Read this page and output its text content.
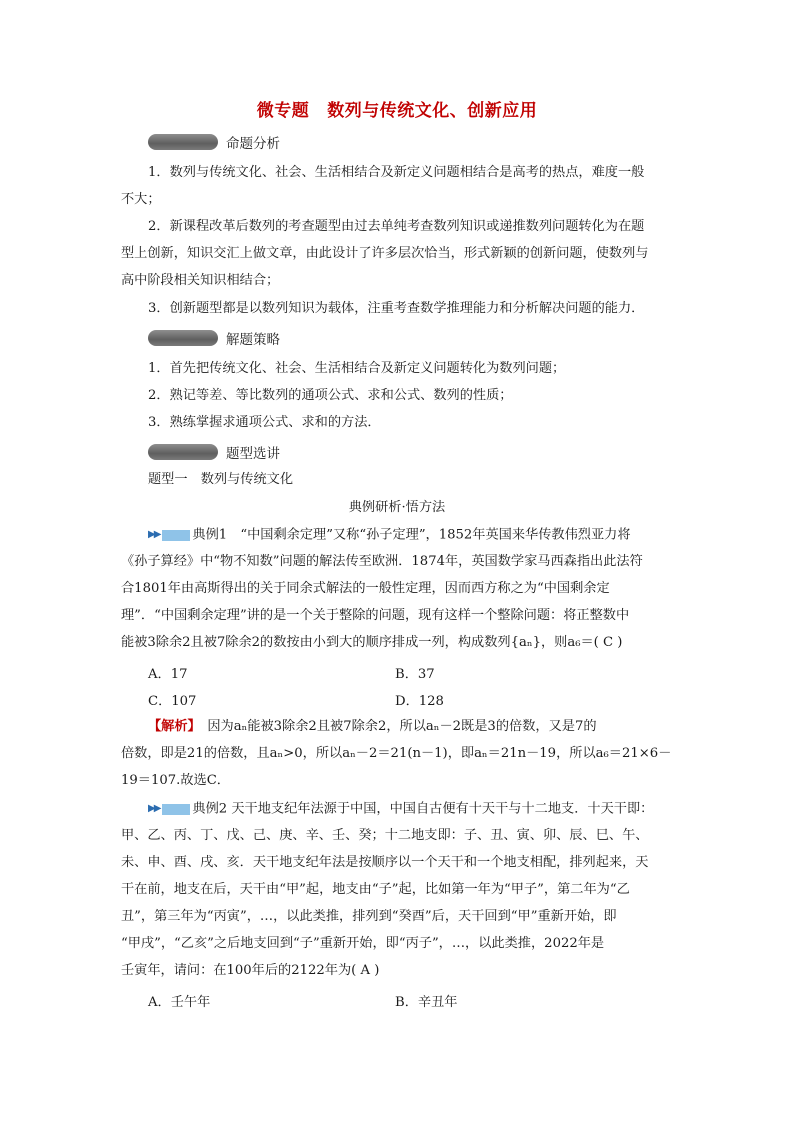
微专题 数列与传统文化、创新应用
命题分析
1．数列与传统文化、社会、生活相结合及新定义问题相结合是高考的热点，难度一般
不大；
2．新课程改革后数列的考查题型由过去单纯考查数列知识或递推数列问题转化为在题
型上创新，知识交汇上做文章，由此设计了许多层次恰当，形式新颖的创新问题，使数列与
高中阶段相关知识相结合；
3．创新题型都是以数列知识为载体，注重考查数学推理能力和分析解决问题的能力．
解题策略
1．首先把传统文化、社会、生活相结合及新定义问题转化为数列问题；
2．熟记等差、等比数列的通项公式、求和公式、数列的性质；
3．熟练掌握求通项公式、求和的方法．
题型选讲
题型一　数列与传统文化
典例研析·悟方法
▶▶	典例1　“中国剩余定理”又称“孙子定理”，1852年英国来华传教伟烈亚力将
《孙子算经》中“物不知数”问题的解法传至欧洲．1874年，英国数学家马西森指出此法符
合1801年由高斯得出的关于同余式解法的一般性定理，因而西方称之为“中国剩余定
理”．“中国剩余定理”讲的是一个关于整除的问题，现有这样一个整除问题：将正整数中
能被3除余2且被7除余2的数按由小到大的顺序排成一列，构成数列{aₙ}，则a₆＝( C )
A．17	B．37
C．107	D．128
【解析】　因为aₙ能被3除余2且被7除余2，所以aₙ－2既是3的倍数，又是7的
倍数，即是21的倍数，且aₙ>0，所以aₙ－2＝21(n－1)，即aₙ＝21n－19，所以a₆＝21×6－
19＝107.故选C．
▶▶	典例2 天干地支纪年法源于中国，中国自古便有十天干与十二地支．十天干即：
甲、乙、丙、丁、戊、己、庚、辛、壬、癸；十二地支即：子、丑、寅、卯、辰、巳、午、
未、申、酉、戌、亥．天干地支纪年法是按顺序以一个天干和一个地支相配，排列起来，天
干在前，地支在后，天干由“甲”起，地支由“子”起，比如第一年为“甲子”，第二年为“乙
丑”，第三年为“丙寅”，…，以此类推，排列到“癸酉”后，天干回到“甲”重新开始，即
“甲戌”，“乙亥”之后地支回到“子”重新开始，即“丙子”，…，以此类推，2022年是
壬寅年，请问：在100年后的2122年为( A )
A．壬午年	B．辛丑年
